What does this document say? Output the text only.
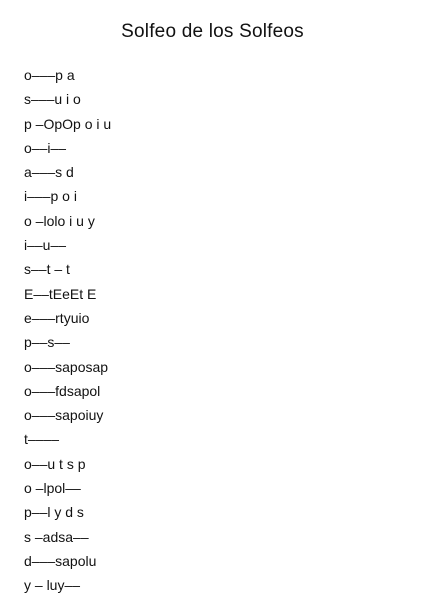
Solfeo de los Solfeos
o–––p a
s–––u i o
p –OpOp o i u
o––i––
a–––s d
i–––p o i
o –lolo i u y
i––u––
s––t – t
E––tEeEt E
e–––rtyuio
p––s––
o–––saposap
o–––fdsapol
o–––sapoiuy
t––––
o––u t s p
o –lpol––
p––l y d s
s –adsa––
d–––sapolu
y – luy––
